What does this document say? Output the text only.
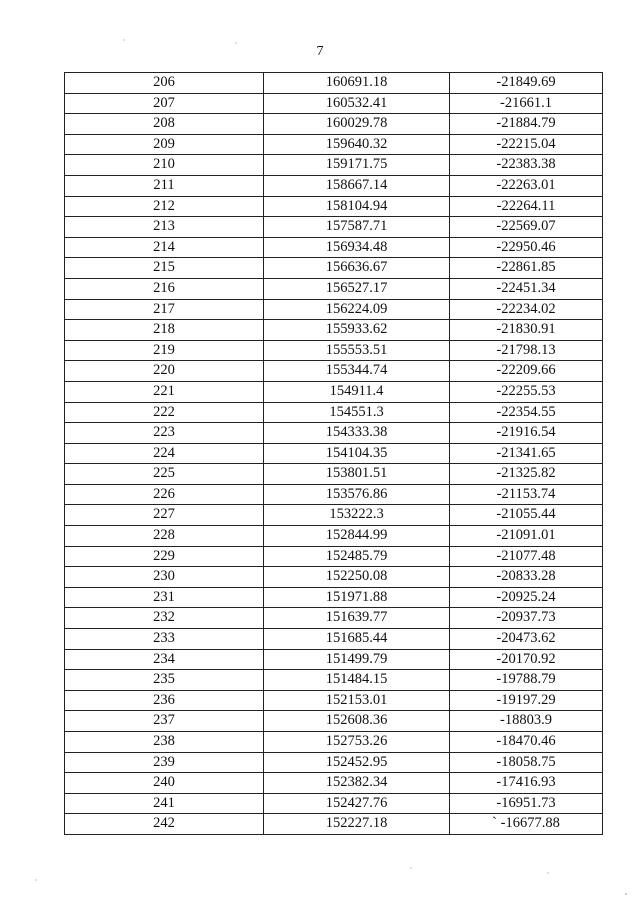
7
206	160691.18	-21849.69
207	160532.41	-21661.1
208	160029.78	-21884.79
209	159640.32	-22215.04
210	159171.75	-22383.38
211	158667.14	-22263.01
212	158104.94	-22264.11
213	157587.71	-22569.07
214	156934.48	-22950.46
215	156636.67	-22861.85
216	156527.17	-22451.34
217	156224.09	-22234.02
218	155933.62	-21830.91
219	155553.51	-21798.13
220	155344.74	-22209.66
221	154911.4	-22255.53
222	154551.3	-22354.55
223	154333.38	-21916.54
224	154104.35	-21341.65
225	153801.51	-21325.82
226	153576.86	-21153.74
227	153222.3	-21055.44
228	152844.99	-21091.01
229	152485.79	-21077.48
230	152250.08	-20833.28
231	151971.88	-20925.24
232	151639.77	-20937.73
233	151685.44	-20473.62
234	151499.79	-20170.92
235	151484.15	-19788.79
236	152153.01	-19197.29
237	152608.36	-18803.9
238	152753.26	-18470.46
239	152452.95	-18058.75
240	152382.34	-17416.93
241	152427.76	-16951.73
242	152227.18	` -16677.88
